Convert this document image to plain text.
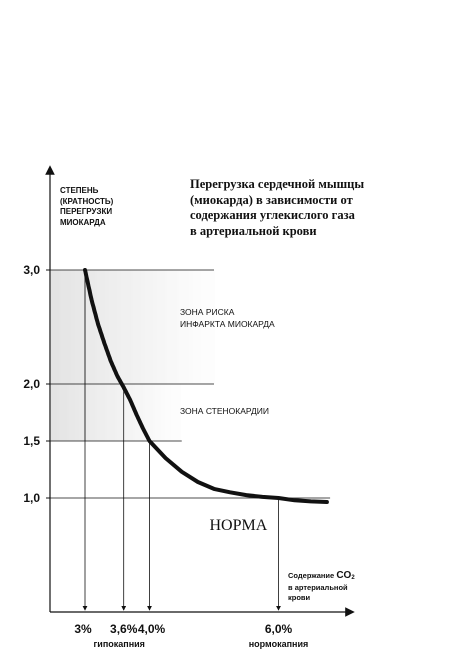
1,0
1,5
2,0
3,0
3% 3,6% 4,0%	6,0%
гипокапния	нормокапния
ЗОНА РИСКА
ИНФАРКТА МИОКАРДА
ЗОНА СТЕНОКАРДИИ
НОРМА
Перегрузка сердечной мышцы
(миокарда) в зависимости от
содержания углекислого газа
в артериальной крови
СТЕПЕНЬ
(КРАТНОСТЬ)
ПЕРЕГРУЗКИ
МИОКАРДА
Содержание $CO_2$
в артериальной
крови
